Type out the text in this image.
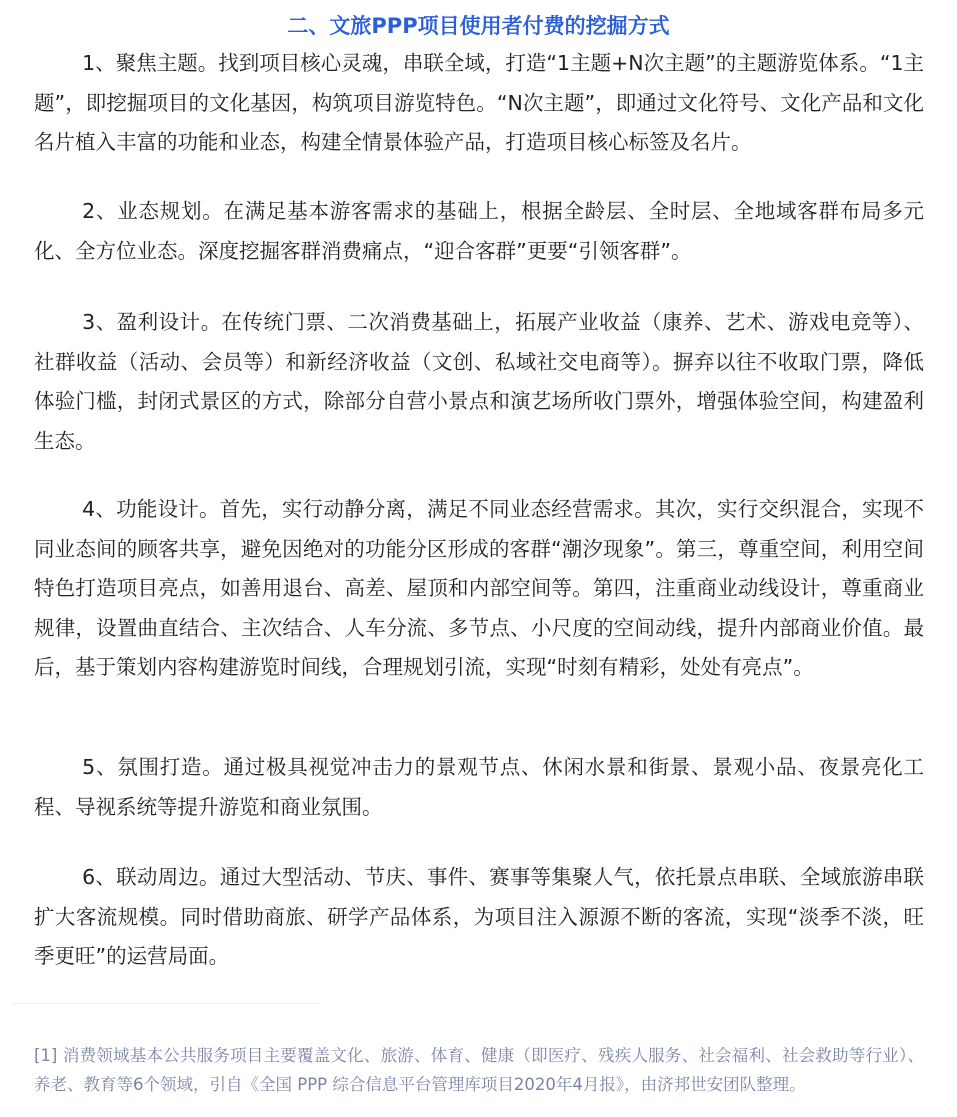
二、文旅PPP项目使用者付费的挖掘方式

1、聚焦主题。找到项目核心灵魂，串联全域，打造“1主题+N次主题”的主题游览体系。“1主题”，即挖掘项目的文化基因，构筑项目游览特色。“N次主题”，即通过文化符号、文化产品和文化名片植入丰富的功能和业态，构建全情景体验产品，打造项目核心标签及名片。

2、业态规划。在满足基本游客需求的基础上，根据全龄层、全时层、全地域客群布局多元化、全方位业态。深度挖掘客群消费痛点，“迎合客群”更要“引领客群”。

3、盈利设计。在传统门票、二次消费基础上，拓展产业收益（康养、艺术、游戏电竞等）、社群收益（活动、会员等）和新经济收益（文创、私域社交电商等）。摒弃以往不收取门票，降低体验门槛，封闭式景区的方式，除部分自营小景点和演艺场所收门票外，增强体验空间，构建盈利生态。

4、功能设计。首先，实行动静分离，满足不同业态经营需求。其次，实行交织混合，实现不同业态间的顾客共享，避免因绝对的功能分区形成的客群“潮汐现象”。第三，尊重空间，利用空间特色打造项目亮点，如善用退台、高差、屋顶和内部空间等。第四，注重商业动线设计，尊重商业规律，设置曲直结合、主次结合、人车分流、多节点、小尺度的空间动线，提升内部商业价值。最后，基于策划内容构建游览时间线，合理规划引流，实现“时刻有精彩，处处有亮点”。

5、氛围打造。通过极具视觉冲击力的景观节点、休闲水景和街景、景观小品、夜景亮化工程、导视系统等提升游览和商业氛围。

6、联动周边。通过大型活动、节庆、事件、赛事等集聚人气，依托景点串联、全域旅游串联扩大客流规模。同时借助商旅、研学产品体系，为项目注入源源不断的客流，实现“淡季不淡，旺季更旺”的运营局面。

[1] 消费领域基本公共服务项目主要覆盖文化、旅游、体育、健康（即医疗、残疾人服务、社会福利、社会救助等行业）、养老、教育等6个领域，引自《全国 PPP 综合信息平台管理库项目2020年4月报》，由济邦世安团队整理。
